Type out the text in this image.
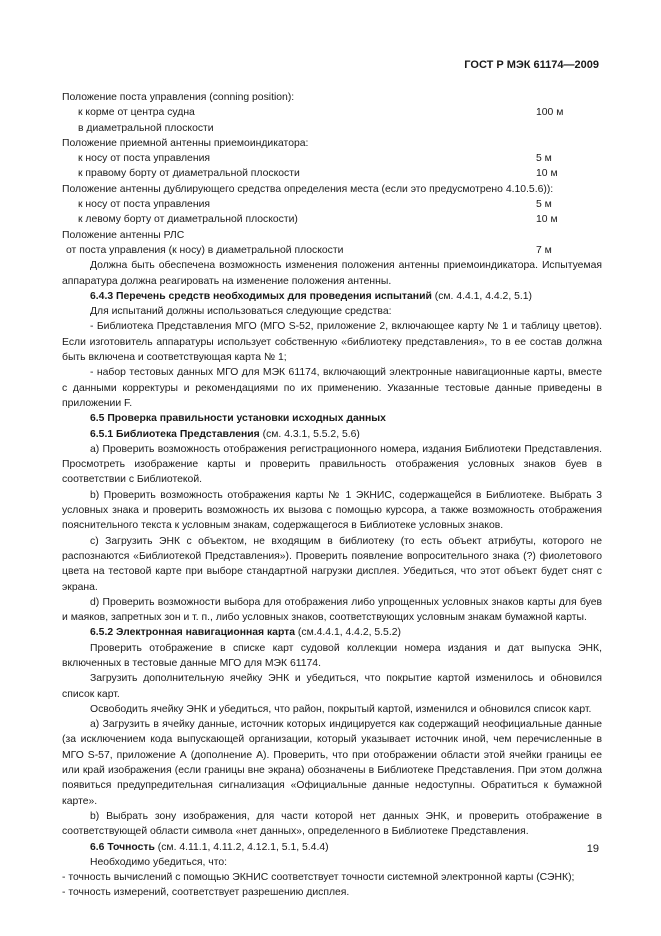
ГОСТ Р МЭК 61174—2009

Положение поста управления (conning position):

к корме от центра судна	100 м

в диаметральной плоскости

Положение приемной антенны приемоиндикатора:

к носу от поста управления	5 м
к правому борту от диаметральной плоскости	10 м

Положение антенны дублирующего средства определения места (если это предусмотрено 4.10.5.6)):

к носу от поста управления	5 м
к левому борту от диаметральной плоскости)	10 м

Положение антенны РЛС

от поста управления (к носу) в диаметральной плоскости	7 м

Должна быть обеспечена возможность изменения положения антенны приемоиндикатора. Испытуемая аппаратура должна реагировать на изменение положения антенны.

6.4.3 Перечень средств необходимых для проведения испытаний (см. 4.4.1, 4.4.2, 5.1)

Для испытаний должны использоваться следующие средства:

- Библиотека Представления МГО (МГО S-52, приложение 2, включающее карту № 1 и таблицу цветов). Если изготовитель аппаратуры использует собственную «библиотеку представления», то в ее состав должна быть включена и соответствующая карта № 1;

- набор тестовых данных МГО для МЭК 61174, включающий электронные навигационные карты, вместе с данными корректуры и рекомендациями по их применению. Указанные тестовые данные приведены в приложении F.

6.5 Проверка правильности установки исходных данных

6.5.1 Библиотека Представления (см. 4.3.1, 5.5.2, 5.6)

a) Проверить возможность отображения регистрационного номера, издания Библиотеки Представления. Просмотреть изображение карты и проверить правильность отображения условных знаков буев в соответствии с Библиотекой.

b) Проверить возможность отображения карты № 1 ЭКНИС, содержащейся в Библиотеке. Выбрать 3 условных знака и проверить возможность их вызова с помощью курсора, а также возможность отображения пояснительного текста к условным знакам, содержащегося в Библиотеке условных знаков.

c) Загрузить ЭНК с объектом, не входящим в библиотеку (то есть объект атрибуты, которого не распознаются «Библиотекой Представления»). Проверить появление вопросительного знака (?) фиолетового цвета на тестовой карте при выборе стандартной нагрузки дисплея. Убедиться, что этот объект будет снят с экрана.

d) Проверить возможности выбора для отображения либо упрощенных условных знаков карты для буев и маяков, запретных зон и т. п., либо условных знаков, соответствующих условным знакам бумажной карты.

6.5.2 Электронная навигационная карта (см.4.4.1, 4.4.2, 5.5.2)

Проверить отображение в списке карт судовой коллекции номера издания и дат выпуска ЭНК, включенных в тестовые данные МГО для МЭК 61174.

Загрузить дополнительную ячейку ЭНК и убедиться, что покрытие картой изменилось и обновился список карт.

Освободить ячейку ЭНК и убедиться, что район, покрытый картой, изменился и обновился список карт.

a) Загрузить в ячейку данные, источник которых индицируется как содержащий неофициальные данные (за исключением кода выпускающей организации, который указывает источник иной, чем перечисленные в МГО S-57, приложение А (дополнение А). Проверить, что при отображении области этой ячейки границы ее или край изображения (если границы вне экрана) обозначены в Библиотеке Представления. При этом должна появиться предупредительная сигнализация «Официальные данные недоступны. Обратиться к бумажной карте».

b) Выбрать зону изображения, для части которой нет данных ЭНК, и проверить отображение в соответствующей области символа «нет данных», определенного в Библиотеке Представления.

6.6 Точность (см. 4.11.1, 4.11.2, 4.12.1, 5.1, 5.4.4)

Необходимо убедиться, что:

- точность вычислений с помощью ЭКНИС соответствует точности системной электронной карты (СЭНК);

- точность измерений, соответствует разрешению дисплея.

19
